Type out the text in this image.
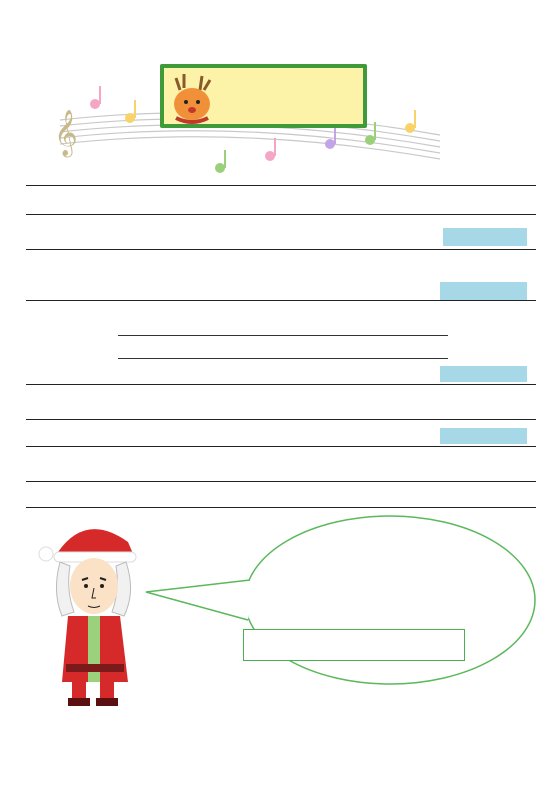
𝄞
